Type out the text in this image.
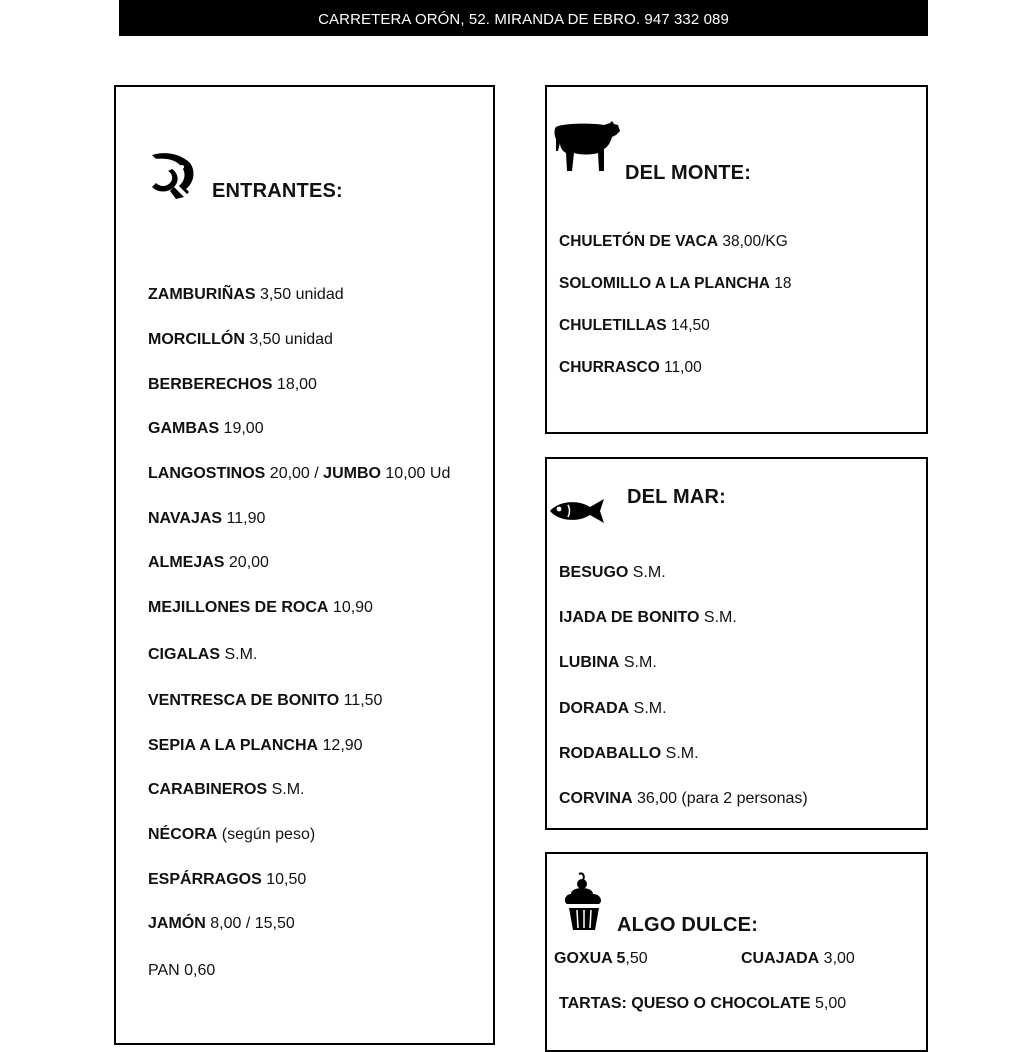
CARRETERA ORÓN, 52. MIRANDA DE EBRO. 947 332 089
ENTRANTES:
ZAMBURIÑAS 3,50 unidad
MORCILLÓN 3,50 unidad
BERBERECHOS 18,00
GAMBAS 19,00
LANGOSTINOS 20,00 / JUMBO 10,00 Ud
NAVAJAS 11,90
ALMEJAS 20,00
MEJILLONES DE ROCA 10,90
CIGALAS S.M.
VENTRESCA DE BONITO 11,50
SEPIA A LA PLANCHA 12,90
CARABINEROS S.M.
NÉCORA (según peso)
ESPÁRRAGOS 10,50
JAMÓN 8,00 / 15,50
PAN 0,60
DEL MONTE:
CHULETÓN DE VACA 38,00/KG
SOLOMILLO A LA PLANCHA 18
CHULETILLAS 14,50
CHURRASCO 11,00
DEL MAR:
BESUGO S.M.
IJADA DE BONITO S.M.
LUBINA S.M.
DORADA S.M.
RODABALLO S.M.
CORVINA 36,00 (para 2 personas)
ALGO DULCE:
GOXUA 5,50	CUAJADA 3,00
TARTAS: QUESO O CHOCOLATE 5,00
